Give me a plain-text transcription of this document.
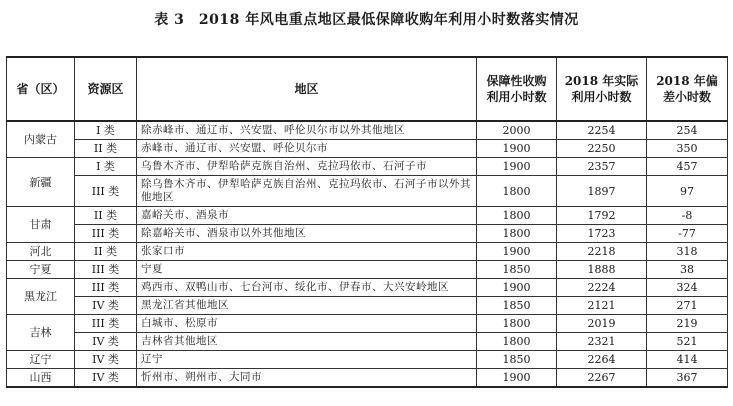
表 3　2018 年风电重点地区最低保障收购年利用小时数落实情况
省（区）	资源区	地区	保障性收购利用小时数	2018 年实际利用小时数	2018 年偏差小时数
内蒙古	I 类	除赤峰市、通辽市、兴安盟、呼伦贝尔市以外其他地区	2000	2254	254
	II 类	赤峰市、通辽市、兴安盟、呼伦贝尔市	1900	2250	350
新疆	I 类	乌鲁木齐市、伊犁哈萨克族自治州、克拉玛依市、石河子市	1900	2357	457
	III 类	除乌鲁木齐市、伊犁哈萨克族自治州、克拉玛依市、石河子市以外其他地区	1800	1897	97
甘肃	II 类	嘉峪关市、酒泉市	1800	1792	-8
	III 类	除嘉峪关市、酒泉市以外其他地区	1800	1723	-77
河北	II 类	张家口市	1900	2218	318
宁夏	III 类	宁夏	1850	1888	38
黑龙江	III 类	鸡西市、双鸭山市、七台河市、绥化市、伊春市、大兴安岭地区	1900	2224	324
	IV 类	黑龙江省其他地区	1850	2121	271
吉林	III 类	白城市、松原市	1800	2019	219
	IV 类	吉林省其他地区	1800	2321	521
辽宁	IV 类	辽宁	1850	2264	414
山西	IV 类	忻州市、朔州市、大同市	1900	2267	367
